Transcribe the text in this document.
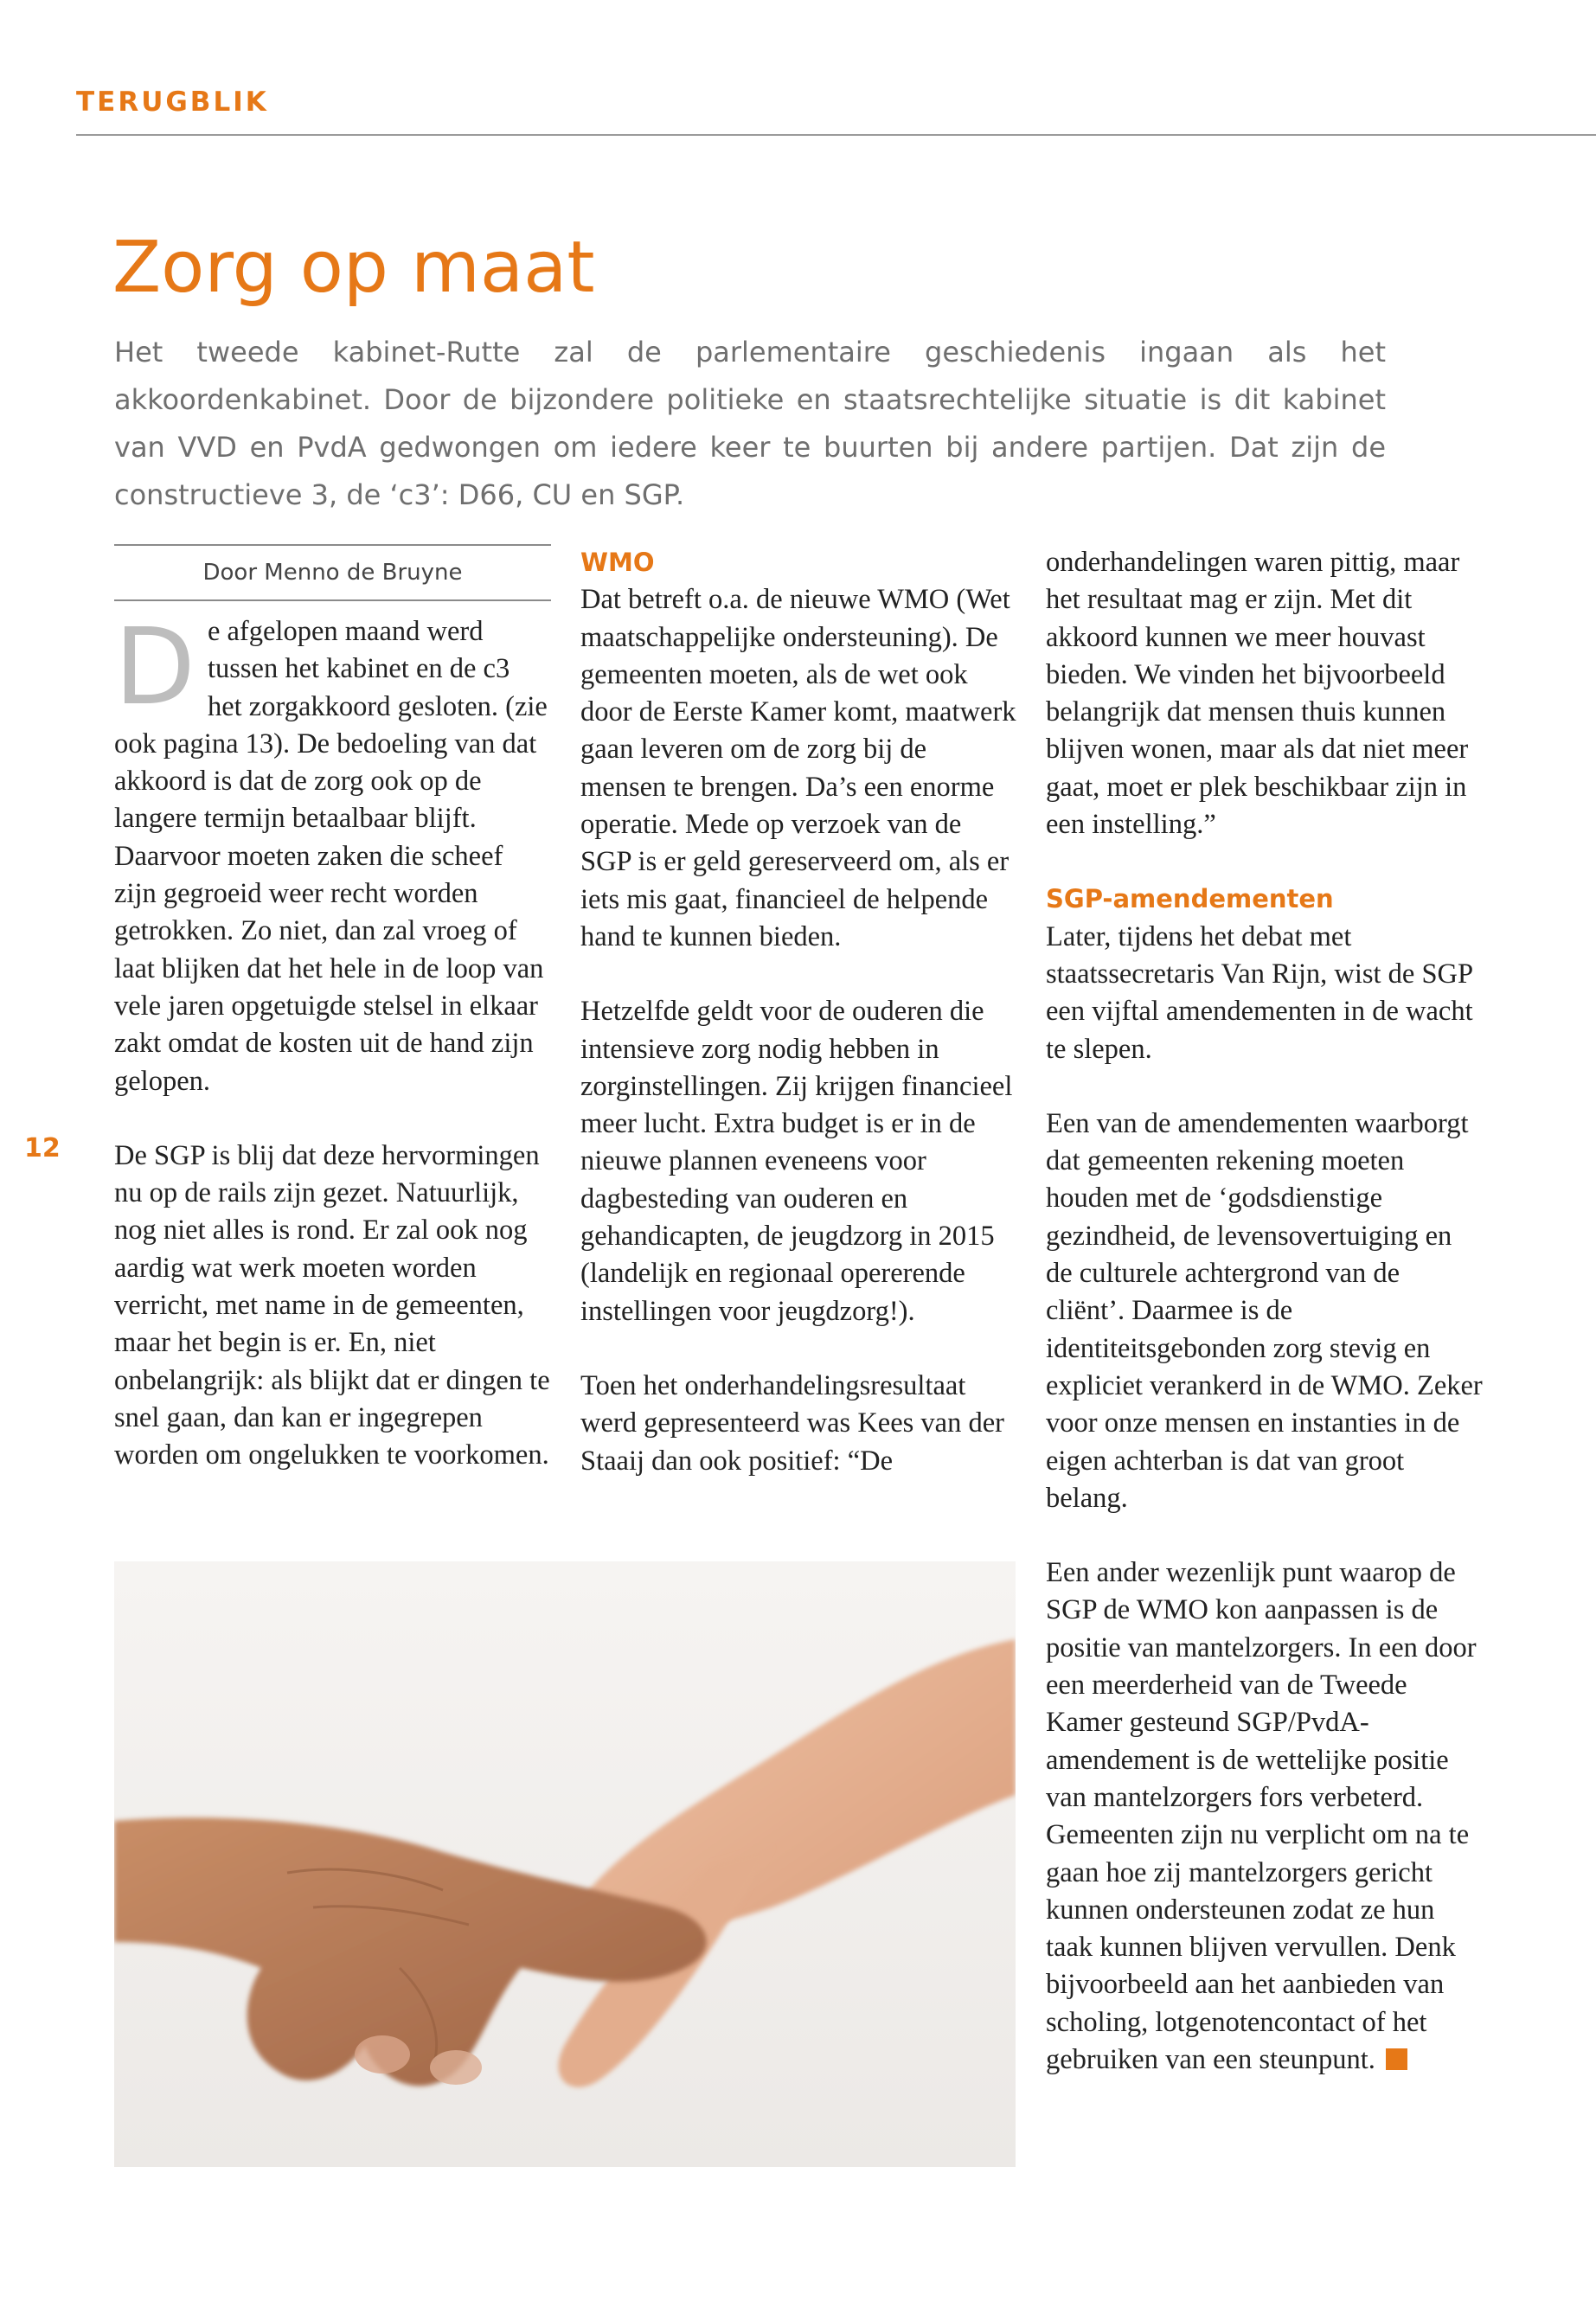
TERUGBLIK
Zorg op maat

Het tweede kabinet-Rutte zal de parlementaire geschiedenis ingaan als het akkoordenkabinet. Door de bijzondere politieke en staatsrechtelijke situatie is dit kabinet van VVD en PvdA gedwongen om iedere keer te buurten bij andere partijen. Dat zijn de constructieve 3, de ‘c3’: D66, CU en SGP.

12
Door Menno de Bruyne

De afgelopen maand werd tussen het kabinet en de c3 het zorgakkoord gesloten. (zie ook pagina 13). De bedoeling van dat akkoord is dat de zorg ook op de langere termijn betaalbaar blijft. Daarvoor moeten zaken die scheef zijn gegroeid weer recht worden getrokken. Zo niet, dan zal vroeg of laat blijken dat het hele in de loop van vele jaren opgetuigde stelsel in elkaar zakt omdat de kosten uit de hand zijn gelopen.

De SGP is blij dat deze hervormingen nu op de rails zijn gezet. Natuurlijk, nog niet alles is rond. Er zal ook nog aardig wat werk moeten worden verricht, met name in de gemeenten, maar het begin is er. En, niet onbelangrijk: als blijkt dat er dingen te snel gaan, dan kan er ingegrepen worden om ongelukken te voorkomen.

WMO

Dat betreft o.a. de nieuwe WMO (Wet maatschappelijke ondersteuning). De gemeenten moeten, als de wet ook door de Eerste Kamer komt, maatwerk gaan leveren om de zorg bij de mensen te brengen. Da’s een enorme operatie. Mede op verzoek van de SGP is er geld gereserveerd om, als er iets mis gaat, financieel de helpende hand te kunnen bieden.

Hetzelfde geldt voor de ouderen die intensieve zorg nodig hebben in zorginstellingen. Zij krijgen financieel meer lucht. Extra budget is er in de nieuwe plannen eveneens voor dagbesteding van ouderen en gehandicapten, de jeugdzorg in 2015 (landelijk en regionaal opererende instellingen voor jeugdzorg!).

Toen het onderhandelingsresultaat werd gepresenteerd was Kees van der Staaij dan ook positief: “De

onderhandelingen waren pittig, maar het resultaat mag er zijn. Met dit akkoord kunnen we meer houvast bieden. We vinden het bijvoorbeeld belangrijk dat mensen thuis kunnen blijven wonen, maar als dat niet meer gaat, moet er plek beschikbaar zijn in een instelling.”

SGP-amendementen

Later, tijdens het debat met staatssecretaris Van Rijn, wist de SGP een vijftal amendementen in de wacht te slepen.

Een van de amendementen waarborgt dat gemeenten rekening moeten houden met de ‘godsdienstige gezindheid, de levensovertuiging en de culturele achtergrond van de cliënt’. Daarmee is de identiteitsgebonden zorg stevig en expliciet verankerd in de WMO. Zeker voor onze mensen en instanties in de eigen achterban is dat van groot belang.

Een ander wezenlijk punt waarop de SGP de WMO kon aanpassen is de positie van mantelzorgers. In een door een meerderheid van de Tweede Kamer gesteund SGP/PvdA-amendement is de wettelijke positie van mantelzorgers fors verbeterd. Gemeenten zijn nu verplicht om na te gaan hoe zij mantelzorgers gericht kunnen ondersteunen zodat ze hun taak kunnen blijven vervullen. Denk bijvoorbeeld aan het aanbieden van scholing, lotgenotencontact of het gebruiken van een steunpunt.
